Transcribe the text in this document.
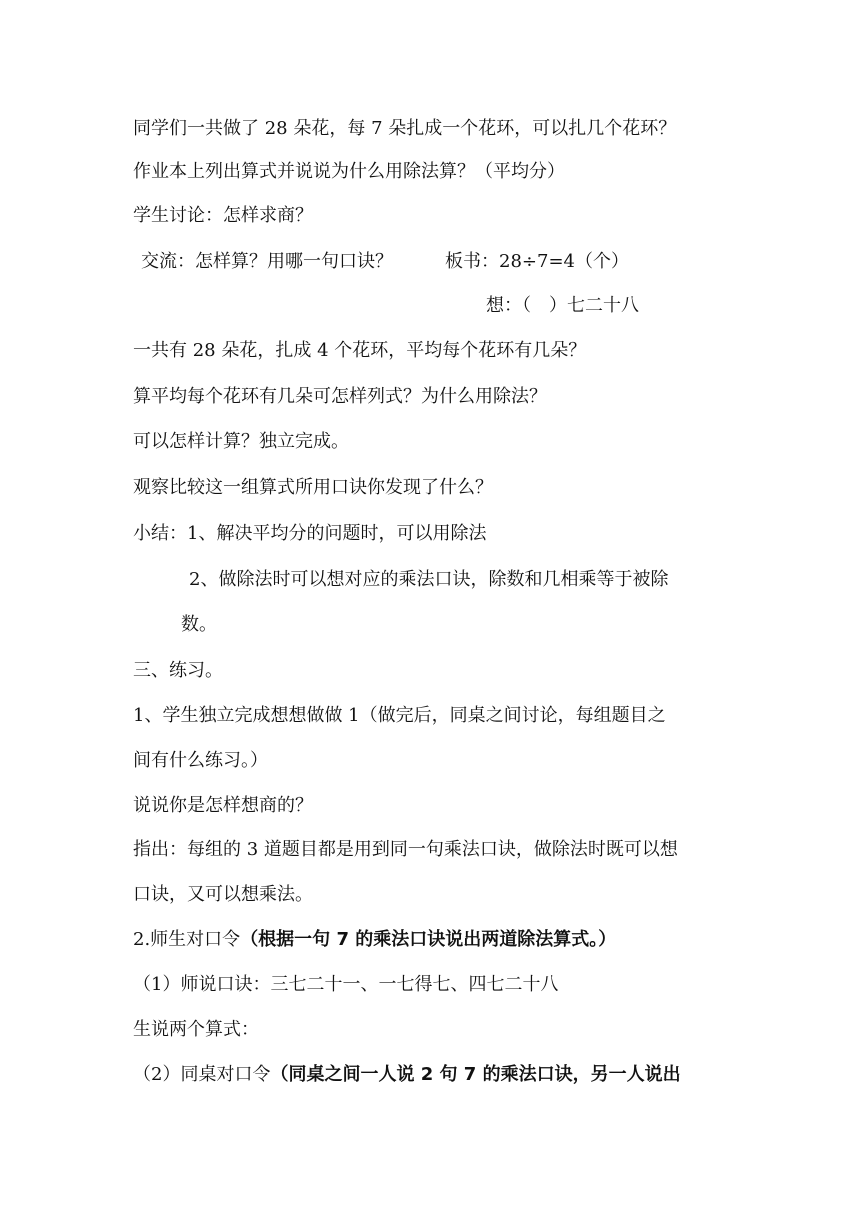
同学们一共做了 28 朵花，每 7 朵扎成一个花环，可以扎几个花环？
作业本上列出算式并说说为什么用除法算？（平均分）
学生讨论：怎样求商？
交流：怎样算？用哪一句口诀？	板书：28÷7=4（个）
想：（　）七二十八
一共有 28 朵花，扎成 4 个花环，平均每个花环有几朵？
算平均每个花环有几朵可怎样列式？为什么用除法？
可以怎样计算？独立完成。
观察比较这一组算式所用口诀你发现了什么？
小结：1、解决平均分的问题时，可以用除法
2、做除法时可以想对应的乘法口诀，除数和几相乘等于被除
数。
三、练习。
1、学生独立完成想想做做 1（做完后，同桌之间讨论，每组题目之
间有什么练习。）
说说你是怎样想商的？
指出：每组的 3 道题目都是用到同一句乘法口诀，做除法时既可以想
口诀，又可以想乘法。
2.师生对口令（根据一句 7 的乘法口诀说出两道除法算式。）
（1）师说口诀：三七二十一、一七得七、四七二十八
生说两个算式：
（2）同桌对口令（同桌之间一人说 2 句 7 的乘法口诀，另一人说出
